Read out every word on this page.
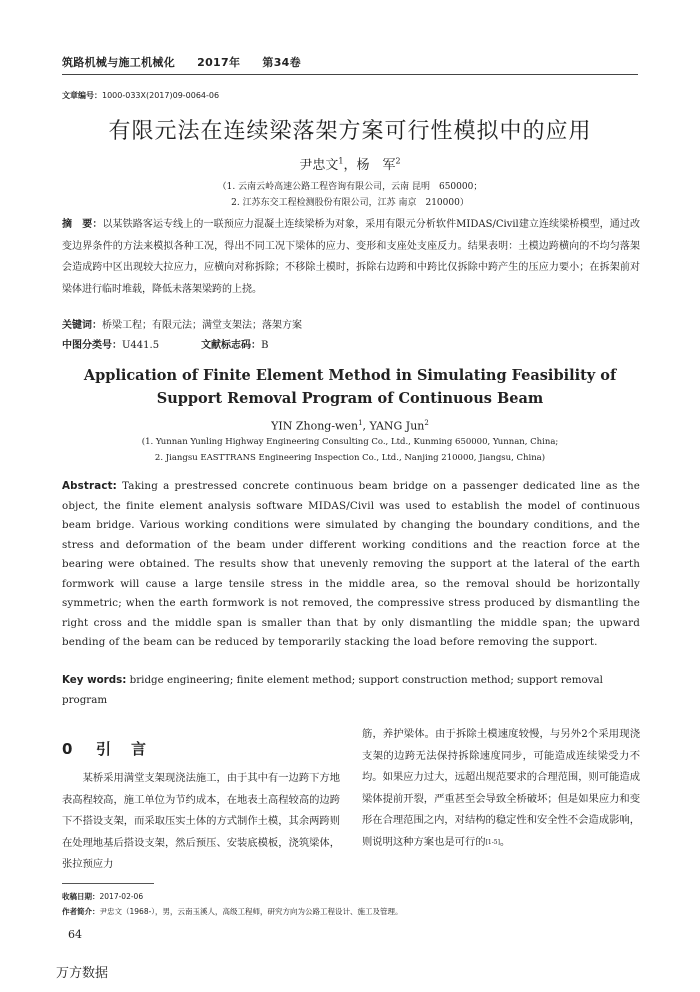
筑路机械与施工机械化 2017年 第34卷
文章编号：1000-033X(2017)09-0064-06
有限元法在连续梁落架方案可行性模拟中的应用
尹忠文$^1$，杨　军$^2$
（1. 云南云岭高速公路工程咨询有限公司，云南 昆明　650000；
2. 江苏东交工程检测股份有限公司，江苏 南京　210000）
摘　要：以某铁路客运专线上的一联预应力混凝土连续梁桥为对象，采用有限元分析软件MIDAS/Civil建立连续梁桥模型，通过改变边界条件的方法来模拟各种工况，得出不同工况下梁体的应力、变形和支座处支座反力。结果表明：土模边跨横向的不均匀落架会造成跨中区出现较大拉应力，应横向对称拆除；不移除土模时，拆除右边跨和中跨比仅拆除中跨产生的压应力要小；在拆架前对梁体进行临时堆载，降低未落架梁跨的上挠。
关键词：桥梁工程；有限元法；满堂支架法；落架方案
中图分类号：U441.5	文献标志码：B
Application of Finite Element Method in Simulating Feasibility of
Support Removal Program of Continuous Beam
YIN Zhong-wen$^1$, YANG Jun$^2$
(1. Yunnan Yunling Highway Engineering Consulting Co., Ltd., Kunming 650000, Yunnan, China;
2. Jiangsu EASTTRANS Engineering Inspection Co., Ltd., Nanjing 210000, Jiangsu, China)
Abstract: Taking a prestressed concrete continuous beam bridge on a passenger dedicated line as the object, the finite element analysis software MIDAS/Civil was used to establish the model of continuous beam bridge. Various working conditions were simulated by changing the boundary conditions, and the stress and deformation of the beam under different working conditions and the reaction force at the bearing were obtained. The results show that unevenly removing the support at the lateral of the earth formwork will cause a large tensile stress in the middle area, so the removal should be horizontally symmetric; when the earth formwork is not removed, the compressive stress produced by dismantling the right cross and the middle span is smaller than that by only dismantling the middle span; the upward bending of the beam can be reduced by temporarily stacking the load before removing the support.
Key words: bridge engineering; finite element method; support construction method; support removal program
0 引 言
某桥采用满堂支架现浇法施工，由于其中有一边跨下方地表高程较高，施工单位为节约成本，在地表土高程较高的边跨下不搭设支架，而采取压实土体的方式制作土模，其余两跨则在处理地基后搭设支架，然后预压、安装底模板，浇筑梁体，张拉预应力
筋，养护梁体。由于拆除土模速度较慢，与另外2个采用现浇支架的边跨无法保持拆除速度同步，可能造成连续梁受力不均。如果应力过大，远超出规范要求的合理范围，则可能造成梁体提前开裂，严重甚至会导致全桥破坏；但是如果应力和变形在合理范围之内，对结构的稳定性和安全性不会造成影响，则说明这种方案也是可行的[1-5]。
收稿日期：2017-02-06
作者简介：尹忠文（1968-），男，云南玉溪人，高级工程师，研究方向为公路工程设计、施工及管理。
64
万方数据
